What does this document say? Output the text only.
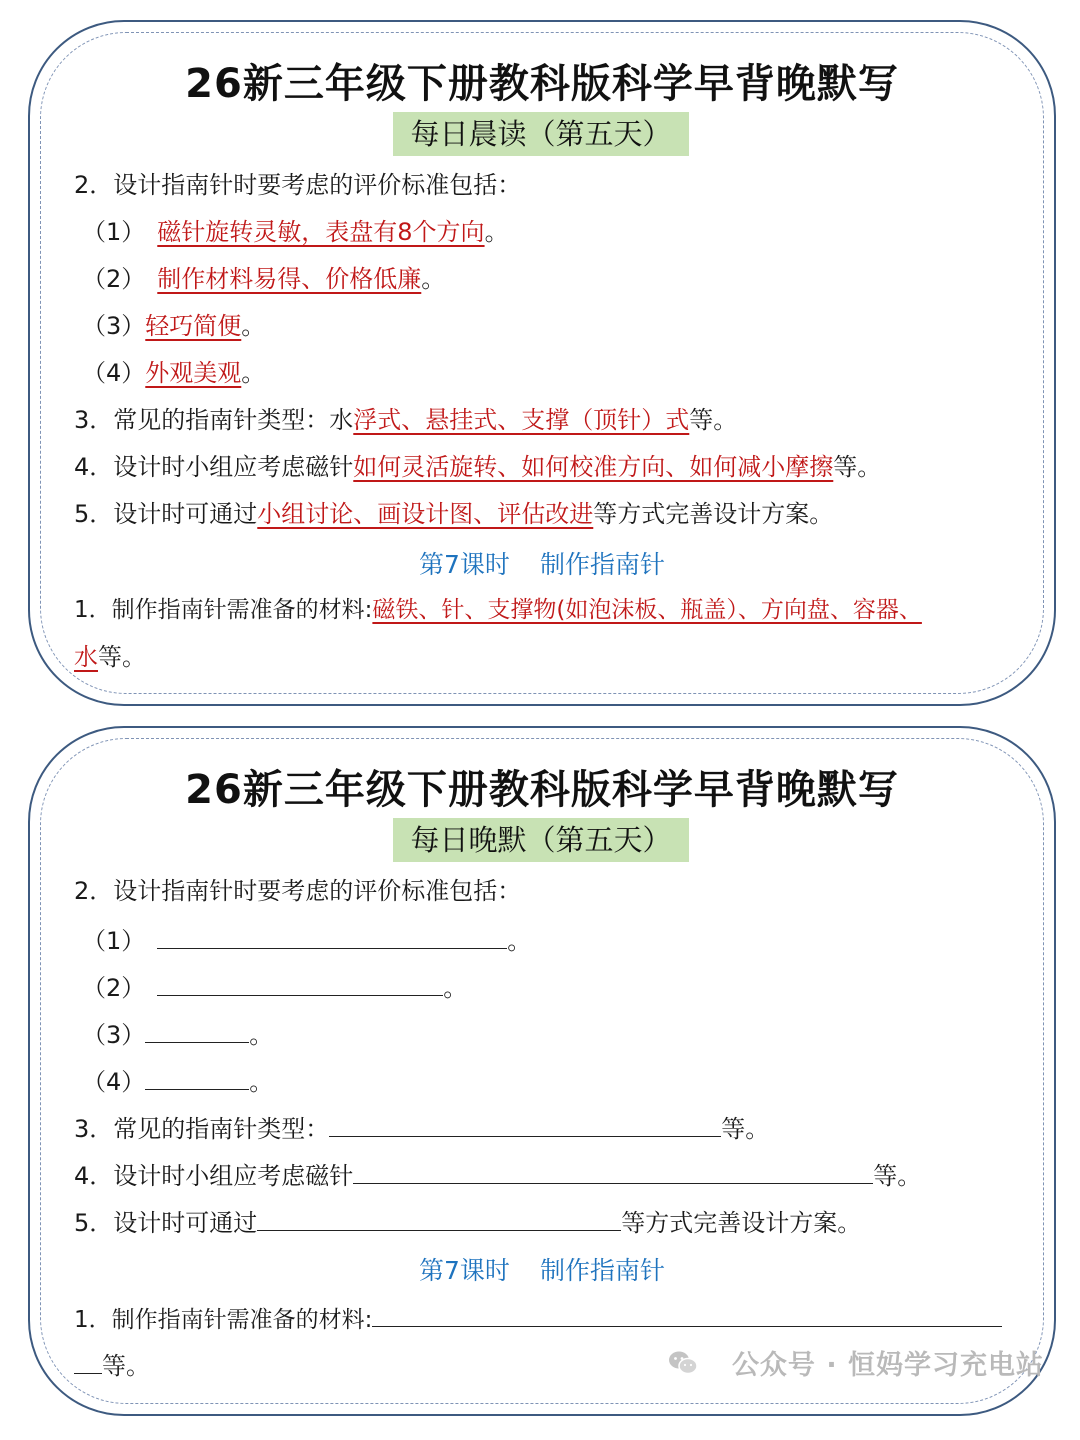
26新三年级下册教科版科学早背晚默写
每日晨读（第五天）
2．设计指南针时要考虑的评价标准包括：
（1） 磁针旋转灵敏，表盘有8个方向。
（2） 制作材料易得、价格低廉。
（3）轻巧简便。
（4）外观美观。
3．常见的指南针类型：水浮式、悬挂式、支撑（顶针）式等。
4．设计时小组应考虑磁针如何灵活旋转、如何校准方向、如何减小摩擦等。
5．设计时可通过小组讨论、画设计图、评估改进等方式完善设计方案。
第7课时 制作指南针
1．制作指南针需准备的材料:磁铁、针、支撑物(如泡沫板、瓶盖）、方向盘、容器、
水等。
26新三年级下册教科版科学早背晚默写
每日晚默（第五天）
2．设计指南针时要考虑的评价标准包括：
（1）	。
（2）	。
（3）	。
（4）	。
3．常见的指南针类型：	等。
4．设计时小组应考虑磁针	等。
5．设计时可通过	等方式完善设计方案。
第7课时 制作指南针
1．制作指南针需准备的材料:
等。	公众号 · 恒妈学习充电站
